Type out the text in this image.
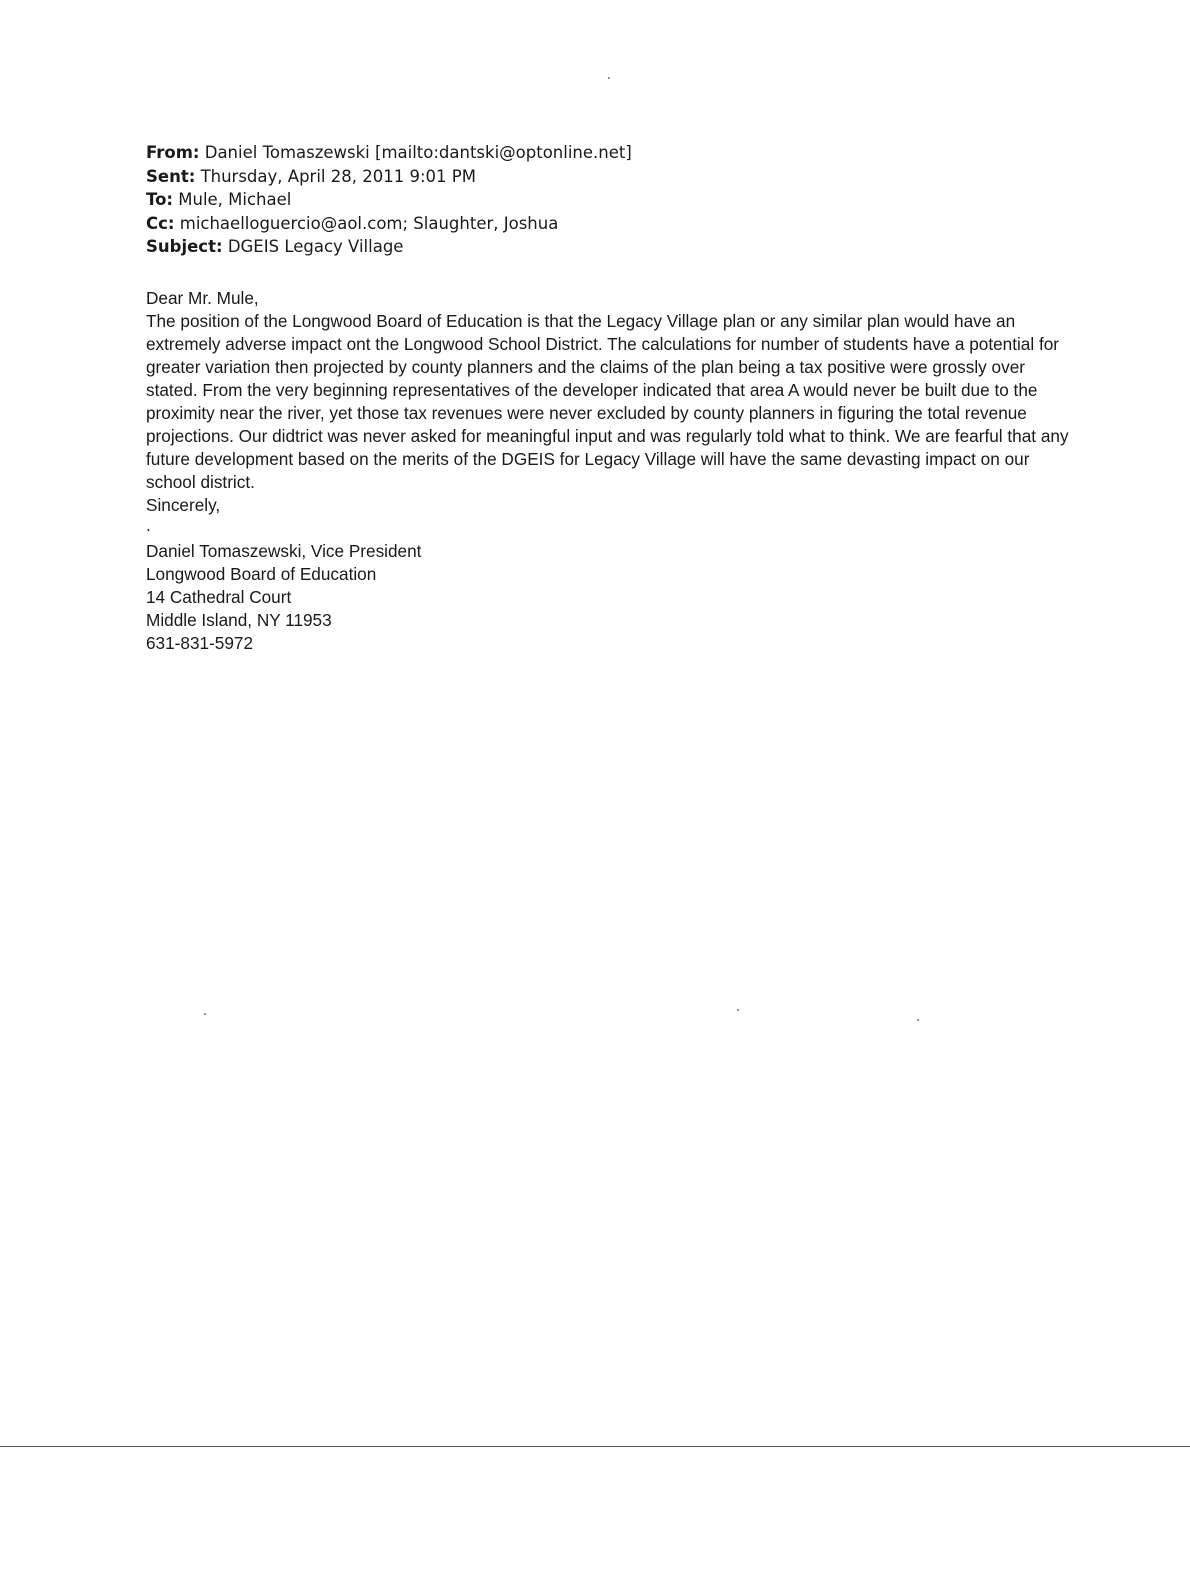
From: Daniel Tomaszewski [mailto:dantski@optonline.net]
Sent: Thursday, April 28, 2011 9:01 PM
To: Mule, Michael
Cc: michaelloguercio@aol.com; Slaughter, Joshua
Subject: DGEIS Legacy Village

Dear Mr. Mule,

The position of the Longwood Board of Education is that the Legacy Village plan or any similar plan would have an extremely adverse impact ont the Longwood School District. The calculations for number of students have a potential for greater variation then projected by county planners and the claims of the plan being a tax positive were grossly over stated. From the very beginning representatives of the developer indicated that area A would never be built due to the proximity near the river, yet those tax revenues were never excluded by county planners in figuring the total revenue projections. Our didtrict was never asked for meaningful input and was regularly told what to think. We are fearful that any future development based on the merits of the DGEIS for Legacy Village will have the same devasting impact on our school district.

Sincerely,

.
Daniel Tomaszewski, Vice President
Longwood Board of Education
14 Cathedral Court
Middle Island, NY 11953
631-831-5972
